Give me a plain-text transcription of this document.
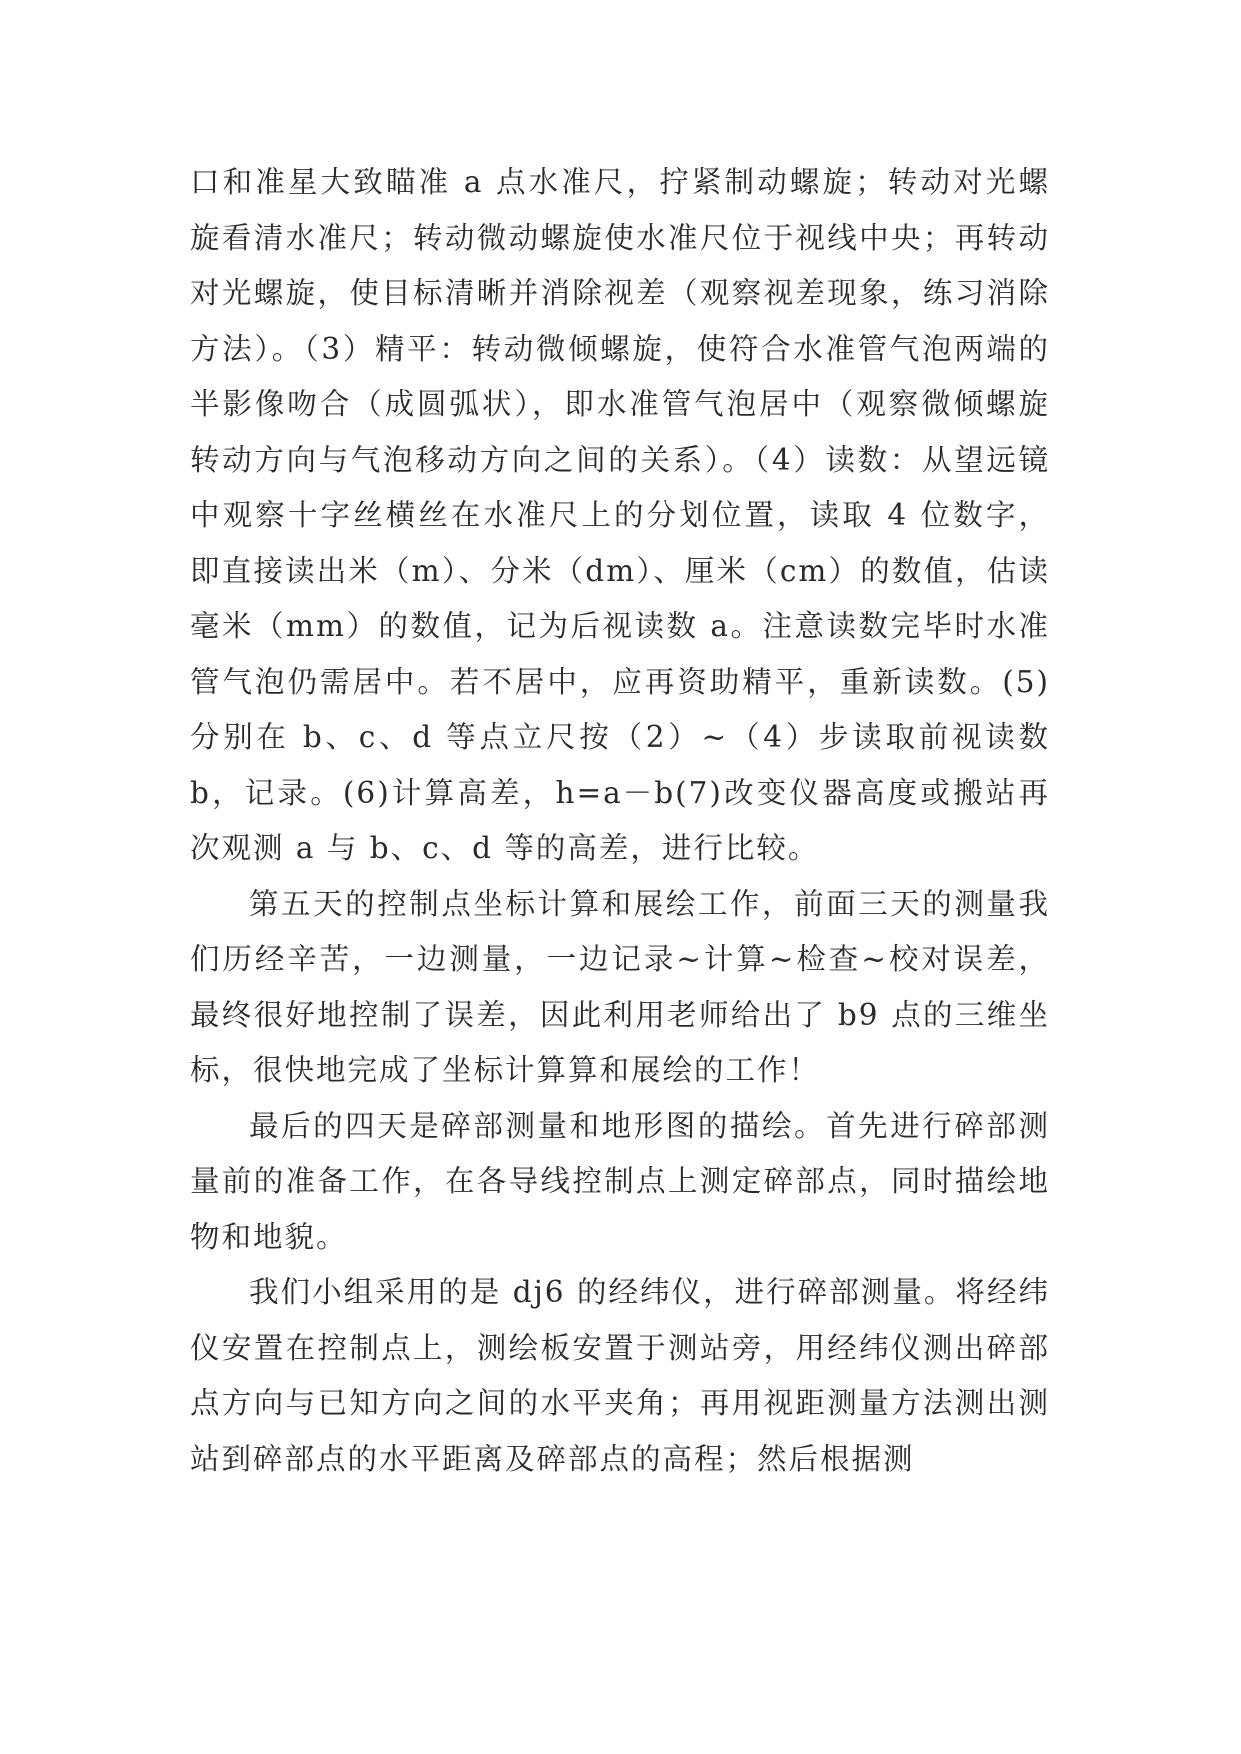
口和准星大致瞄准 a 点水准尺，拧紧制动螺旋；转动对光螺旋看清水准尺；转动微动螺旋使水准尺位于视线中央；再转动对光螺旋，使目标清晰并消除视差（观察视差现象，练习消除方法）。（3）精平：转动微倾螺旋，使符合水准管气泡两端的半影像吻合（成圆弧状），即水准管气泡居中（观察微倾螺旋转动方向与气泡移动方向之间的关系）。（4）读数：从望远镜中观察十字丝横丝在水准尺上的分划位置，读取 4 位数字，即直接读出米（m）、分米（dm）、厘米（cm）的数值，估读毫米（mm）的数值，记为后视读数 a。注意读数完毕时水准管气泡仍需居中。若不居中，应再资助精平，重新读数。(5)分别在 b、c、d 等点立尺按（2）~（4）步读取前视读数 b，记录。(6)计算高差，h=a－b(7)改变仪器高度或搬站再次观测 a 与 b、c、d 等的高差，进行比较。

第五天的控制点坐标计算和展绘工作，前面三天的测量我们历经辛苦，一边测量，一边记录~计算~检查~校对误差，最终很好地控制了误差，因此利用老师给出了 b9 点的三维坐标，很快地完成了坐标计算算和展绘的工作！

最后的四天是碎部测量和地形图的描绘。首先进行碎部测量前的准备工作，在各导线控制点上测定碎部点，同时描绘地物和地貌。

我们小组采用的是 dj6 的经纬仪，进行碎部测量。将经纬仪安置在控制点上，测绘板安置于测站旁，用经纬仪测出碎部点方向与已知方向之间的水平夹角；再用视距测量方法测出测站到碎部点的水平距离及碎部点的高程；然后根据测
